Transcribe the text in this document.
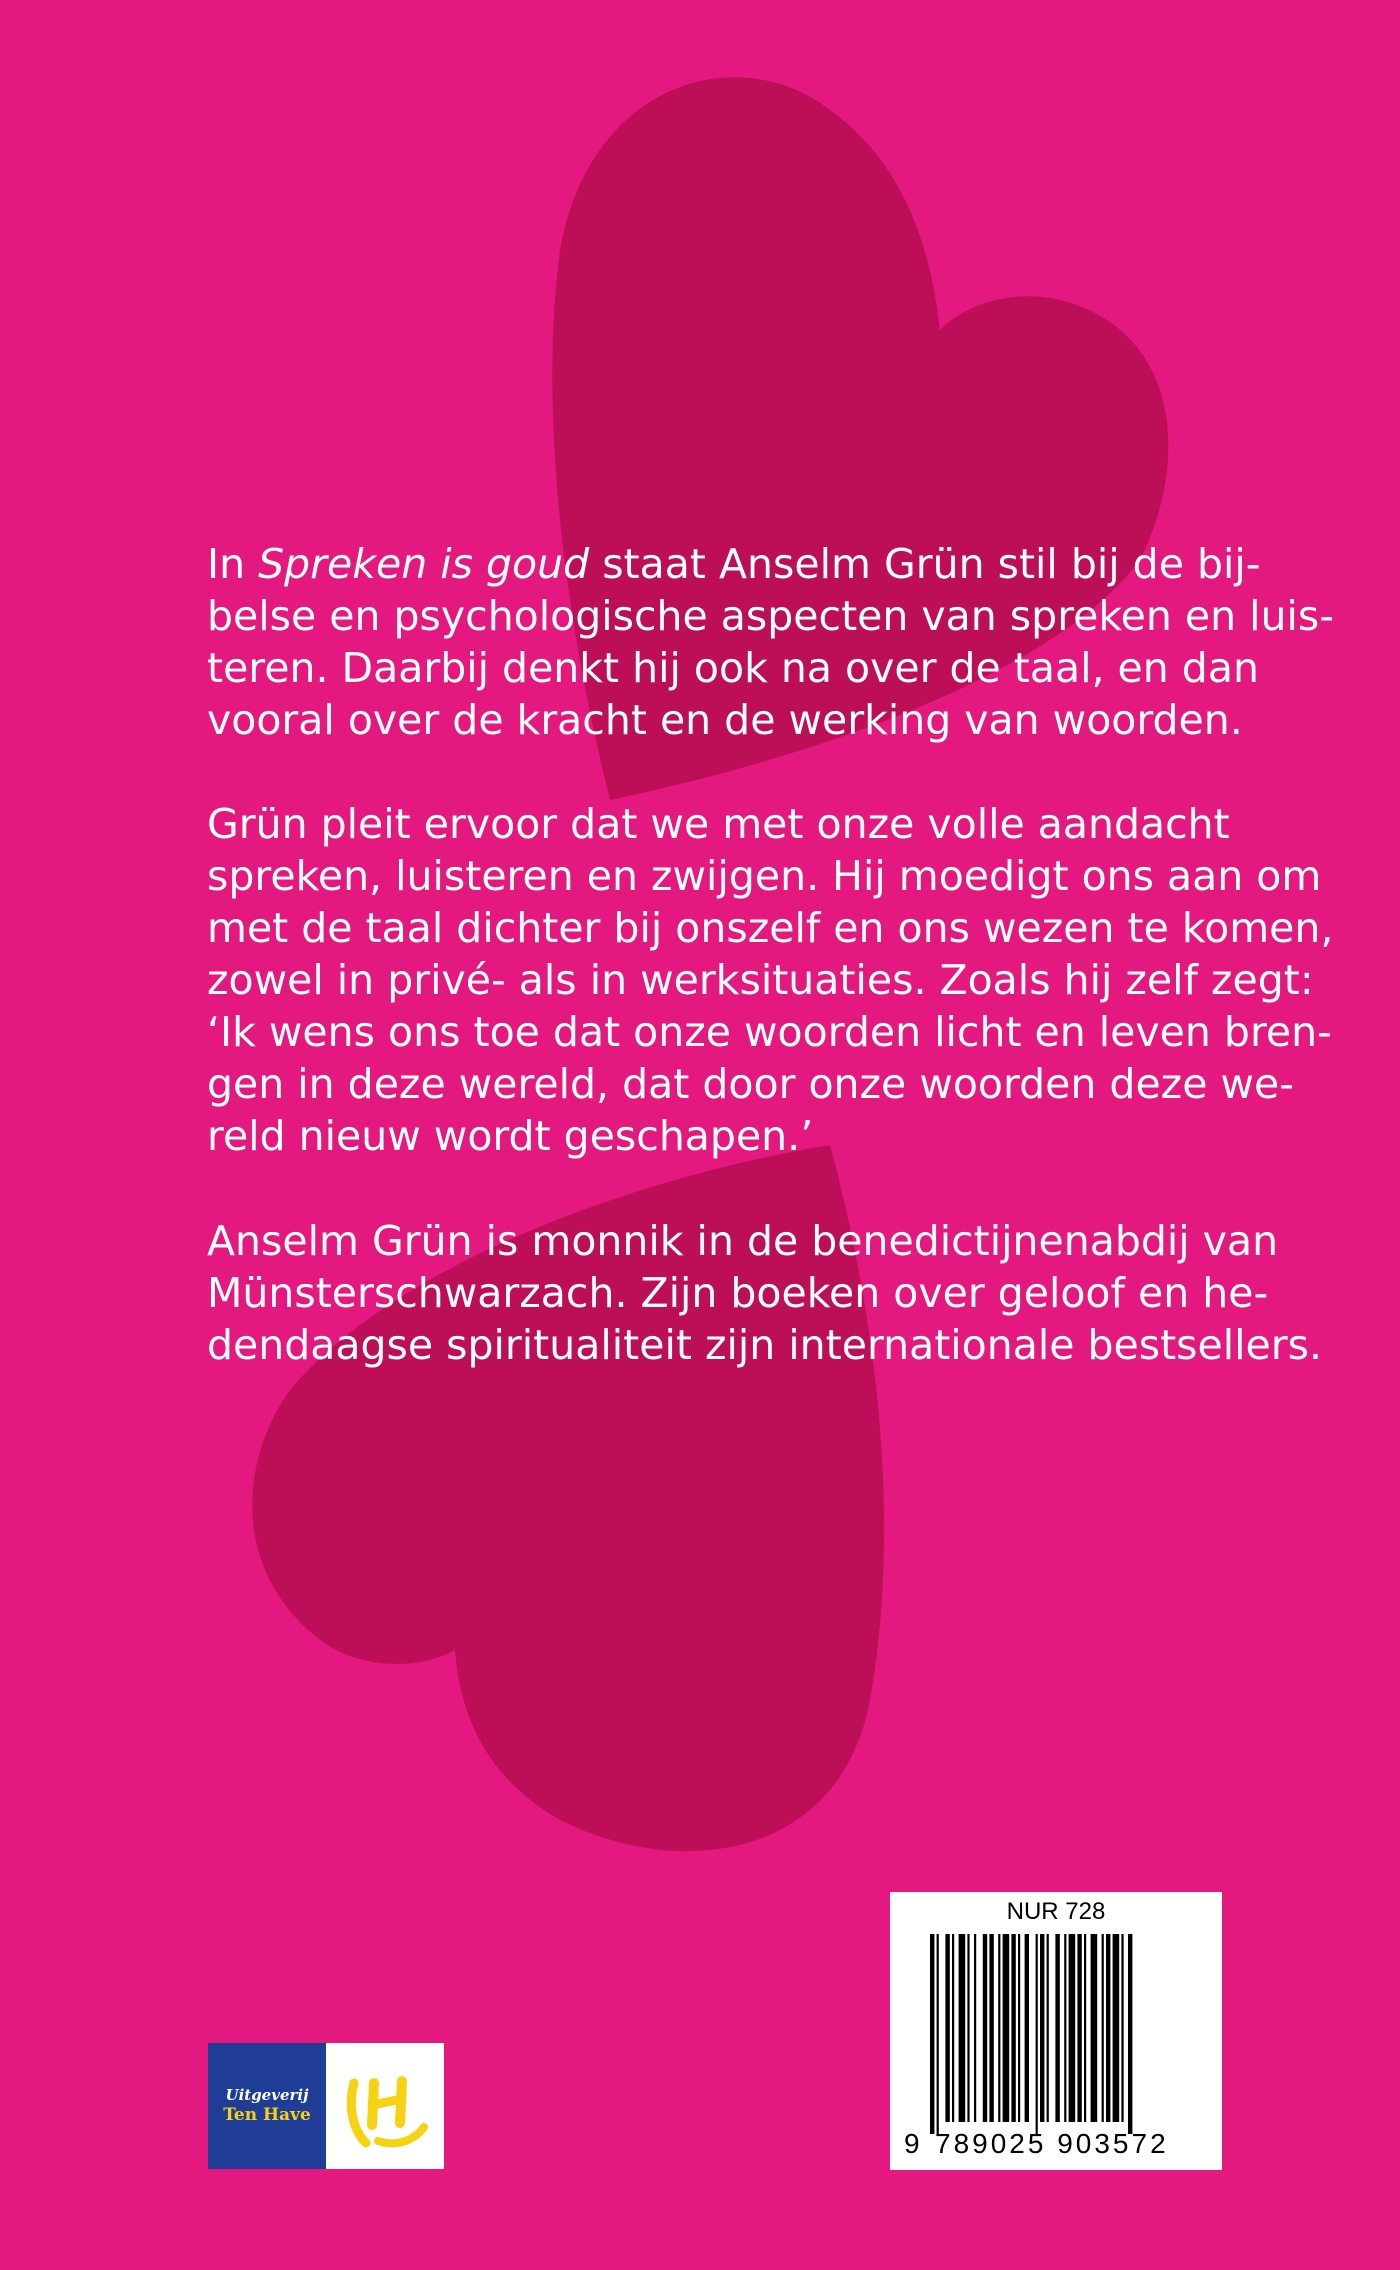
In Spreken is goud staat Anselm Grün stil bij de bij-
belse en psychologische aspecten van spreken en luis-
teren. Daarbij denkt hij ook na over de taal, en dan
vooral over de kracht en de werking van woorden.
Grün pleit ervoor dat we met onze volle aandacht
spreken, luisteren en zwijgen. Hij moedigt ons aan om
met de taal dichter bij onszelf en ons wezen te komen,
zowel in privé- als in werksituaties. Zoals hij zelf zegt:
‘Ik wens ons toe dat onze woorden licht en leven bren-
gen in deze wereld, dat door onze woorden deze we-
reld nieuw wordt geschapen.’
Anselm Grün is monnik in de benedictijnenabdij van
Münsterschwarzach. Zijn boeken over geloof en he-
dendaagse spiritualiteit zijn internationale bestsellers.
Uitgeverij
Ten Have
NUR 728
9 789025 903572
